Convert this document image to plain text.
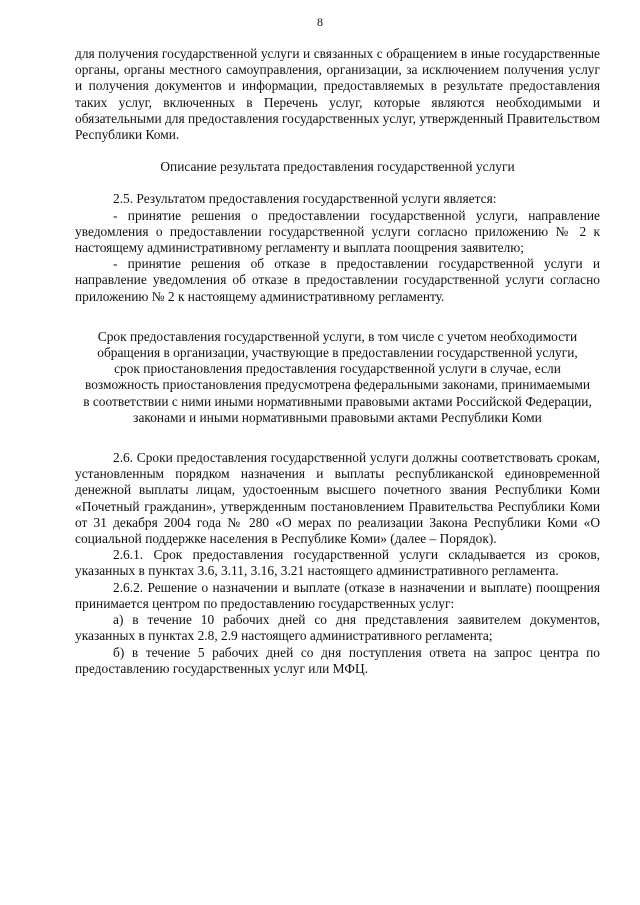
8

для получения государственной услуги и связанных с обращением в иные государственные органы, органы местного самоуправления, организации, за исключением получения услуг и получения документов и информации, предоставляемых в результате предоставления таких услуг, включенных в Перечень услуг, которые являются необходимыми и обязательными для предоставления государственных услуг, утвержденный Правительством Республики Коми.

Описание результата предоставления государственной услуги

2.5. Результатом предоставления государственной услуги является:

- принятие решения о предоставлении государственной услуги, направление уведомления о предоставлении государственной услуги согласно приложению № 2 к настоящему административному регламенту и выплата поощрения заявителю;

- принятие решения об отказе в предоставлении государственной услуги и направление уведомления об отказе в предоставлении государственной услуги согласно приложению № 2 к настоящему административному регламенту.

Срок предоставления государственной услуги, в том числе с учетом необходимости обращения в организации, участвующие в предоставлении государственной услуги, срок приостановления предоставления государственной услуги в случае, если возможность приостановления предусмотрена федеральными законами, принимаемыми в соответствии с ними иными нормативными правовыми актами Российской Федерации, законами и иными нормативными правовыми актами Республики Коми

2.6. Сроки предоставления государственной услуги должны соответствовать срокам, установленным порядком назначения и выплаты республиканской единовременной денежной выплаты лицам, удостоенным высшего почетного звания Республики Коми «Почетный гражданин», утвержденным постановлением Правительства Республики Коми от 31 декабря 2004 года № 280 «О мерах по реализации Закона Республики Коми «О социальной поддержке населения в Республике Коми» (далее – Порядок).

2.6.1. Срок предоставления государственной услуги складывается из сроков, указанных в пунктах 3.6, 3.11, 3.16, 3.21 настоящего административного регламента.

2.6.2. Решение о назначении и выплате (отказе в назначении и выплате) поощрения принимается центром по предоставлению государственных услуг:

а) в течение 10 рабочих дней со дня представления заявителем документов, указанных в пунктах 2.8, 2.9 настоящего административного регламента;

б) в течение 5 рабочих дней со дня поступления ответа на запрос центра по предоставлению государственных услуг или МФЦ.
